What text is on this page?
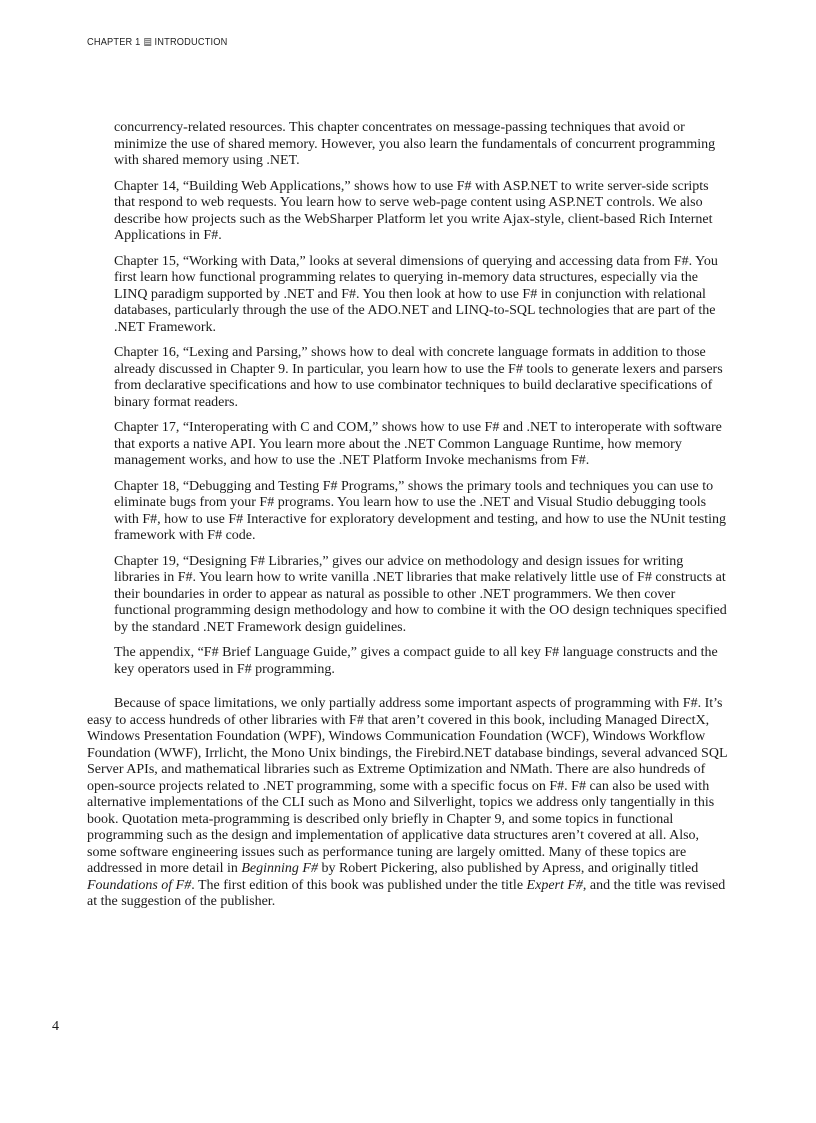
CHAPTER 1 INTRODUCTION

concurrency-related resources. This chapter concentrates on message-passing techniques that avoid or minimize the use of shared memory. However, you also learn the fundamentals of concurrent programming with shared memory using .NET.

Chapter 14, “Building Web Applications,” shows how to use F# with ASP.NET to write server-side scripts that respond to web requests. You learn how to serve web-page content using ASP.NET controls. We also describe how projects such as the WebSharper Platform let you write Ajax-style, client-based Rich Internet Applications in F#.

Chapter 15, “Working with Data,” looks at several dimensions of querying and accessing data from F#. You first learn how functional programming relates to querying in-memory data structures, especially via the LINQ paradigm supported by .NET and F#. You then look at how to use F# in conjunction with relational databases, particularly through the use of the ADO.NET and LINQ-to-SQL technologies that are part of the .NET Framework.

Chapter 16, “Lexing and Parsing,” shows how to deal with concrete language formats in addition to those already discussed in Chapter 9. In particular, you learn how to use the F# tools to generate lexers and parsers from declarative specifications and how to use combinator techniques to build declarative specifications of binary format readers.

Chapter 17, “Interoperating with C and COM,” shows how to use F# and .NET to interoperate with software that exports a native API. You learn more about the .NET Common Language Runtime, how memory management works, and how to use the .NET Platform Invoke mechanisms from F#.

Chapter 18, “Debugging and Testing F# Programs,” shows the primary tools and techniques you can use to eliminate bugs from your F# programs. You learn how to use the .NET and Visual Studio debugging tools with F#, how to use F# Interactive for exploratory development and testing, and how to use the NUnit testing framework with F# code.

Chapter 19, “Designing F# Libraries,” gives our advice on methodology and design issues for writing libraries in F#. You learn how to write vanilla .NET libraries that make relatively little use of F# constructs at their boundaries in order to appear as natural as possible to other .NET programmers. We then cover functional programming design methodology and how to combine it with the OO design techniques specified by the standard .NET Framework design guidelines.

The appendix, “F# Brief Language Guide,” gives a compact guide to all key F# language constructs and the key operators used in F# programming.

Because of space limitations, we only partially address some important aspects of programming with F#. It’s easy to access hundreds of other libraries with F# that aren’t covered in this book, including Managed DirectX, Windows Presentation Foundation (WPF), Windows Communication Foundation (WCF), Windows Workflow Foundation (WWF), Irrlicht, the Mono Unix bindings, the Firebird.NET database bindings, several advanced SQL Server APIs, and mathematical libraries such as Extreme Optimization and NMath. There are also hundreds of open-source projects related to .NET programming, some with a specific focus on F#. F# can also be used with alternative implementations of the CLI such as Mono and Silverlight, topics we address only tangentially in this book. Quotation meta-programming is described only briefly in Chapter 9, and some topics in functional programming such as the design and implementation of applicative data structures aren’t covered at all. Also, some software engineering issues such as performance tuning are largely omitted. Many of these topics are addressed in more detail in Beginning F# by Robert Pickering, also published by Apress, and originally titled Foundations of F#. The first edition of this book was published under the title Expert F#, and the title was revised at the suggestion of the publisher.

4
